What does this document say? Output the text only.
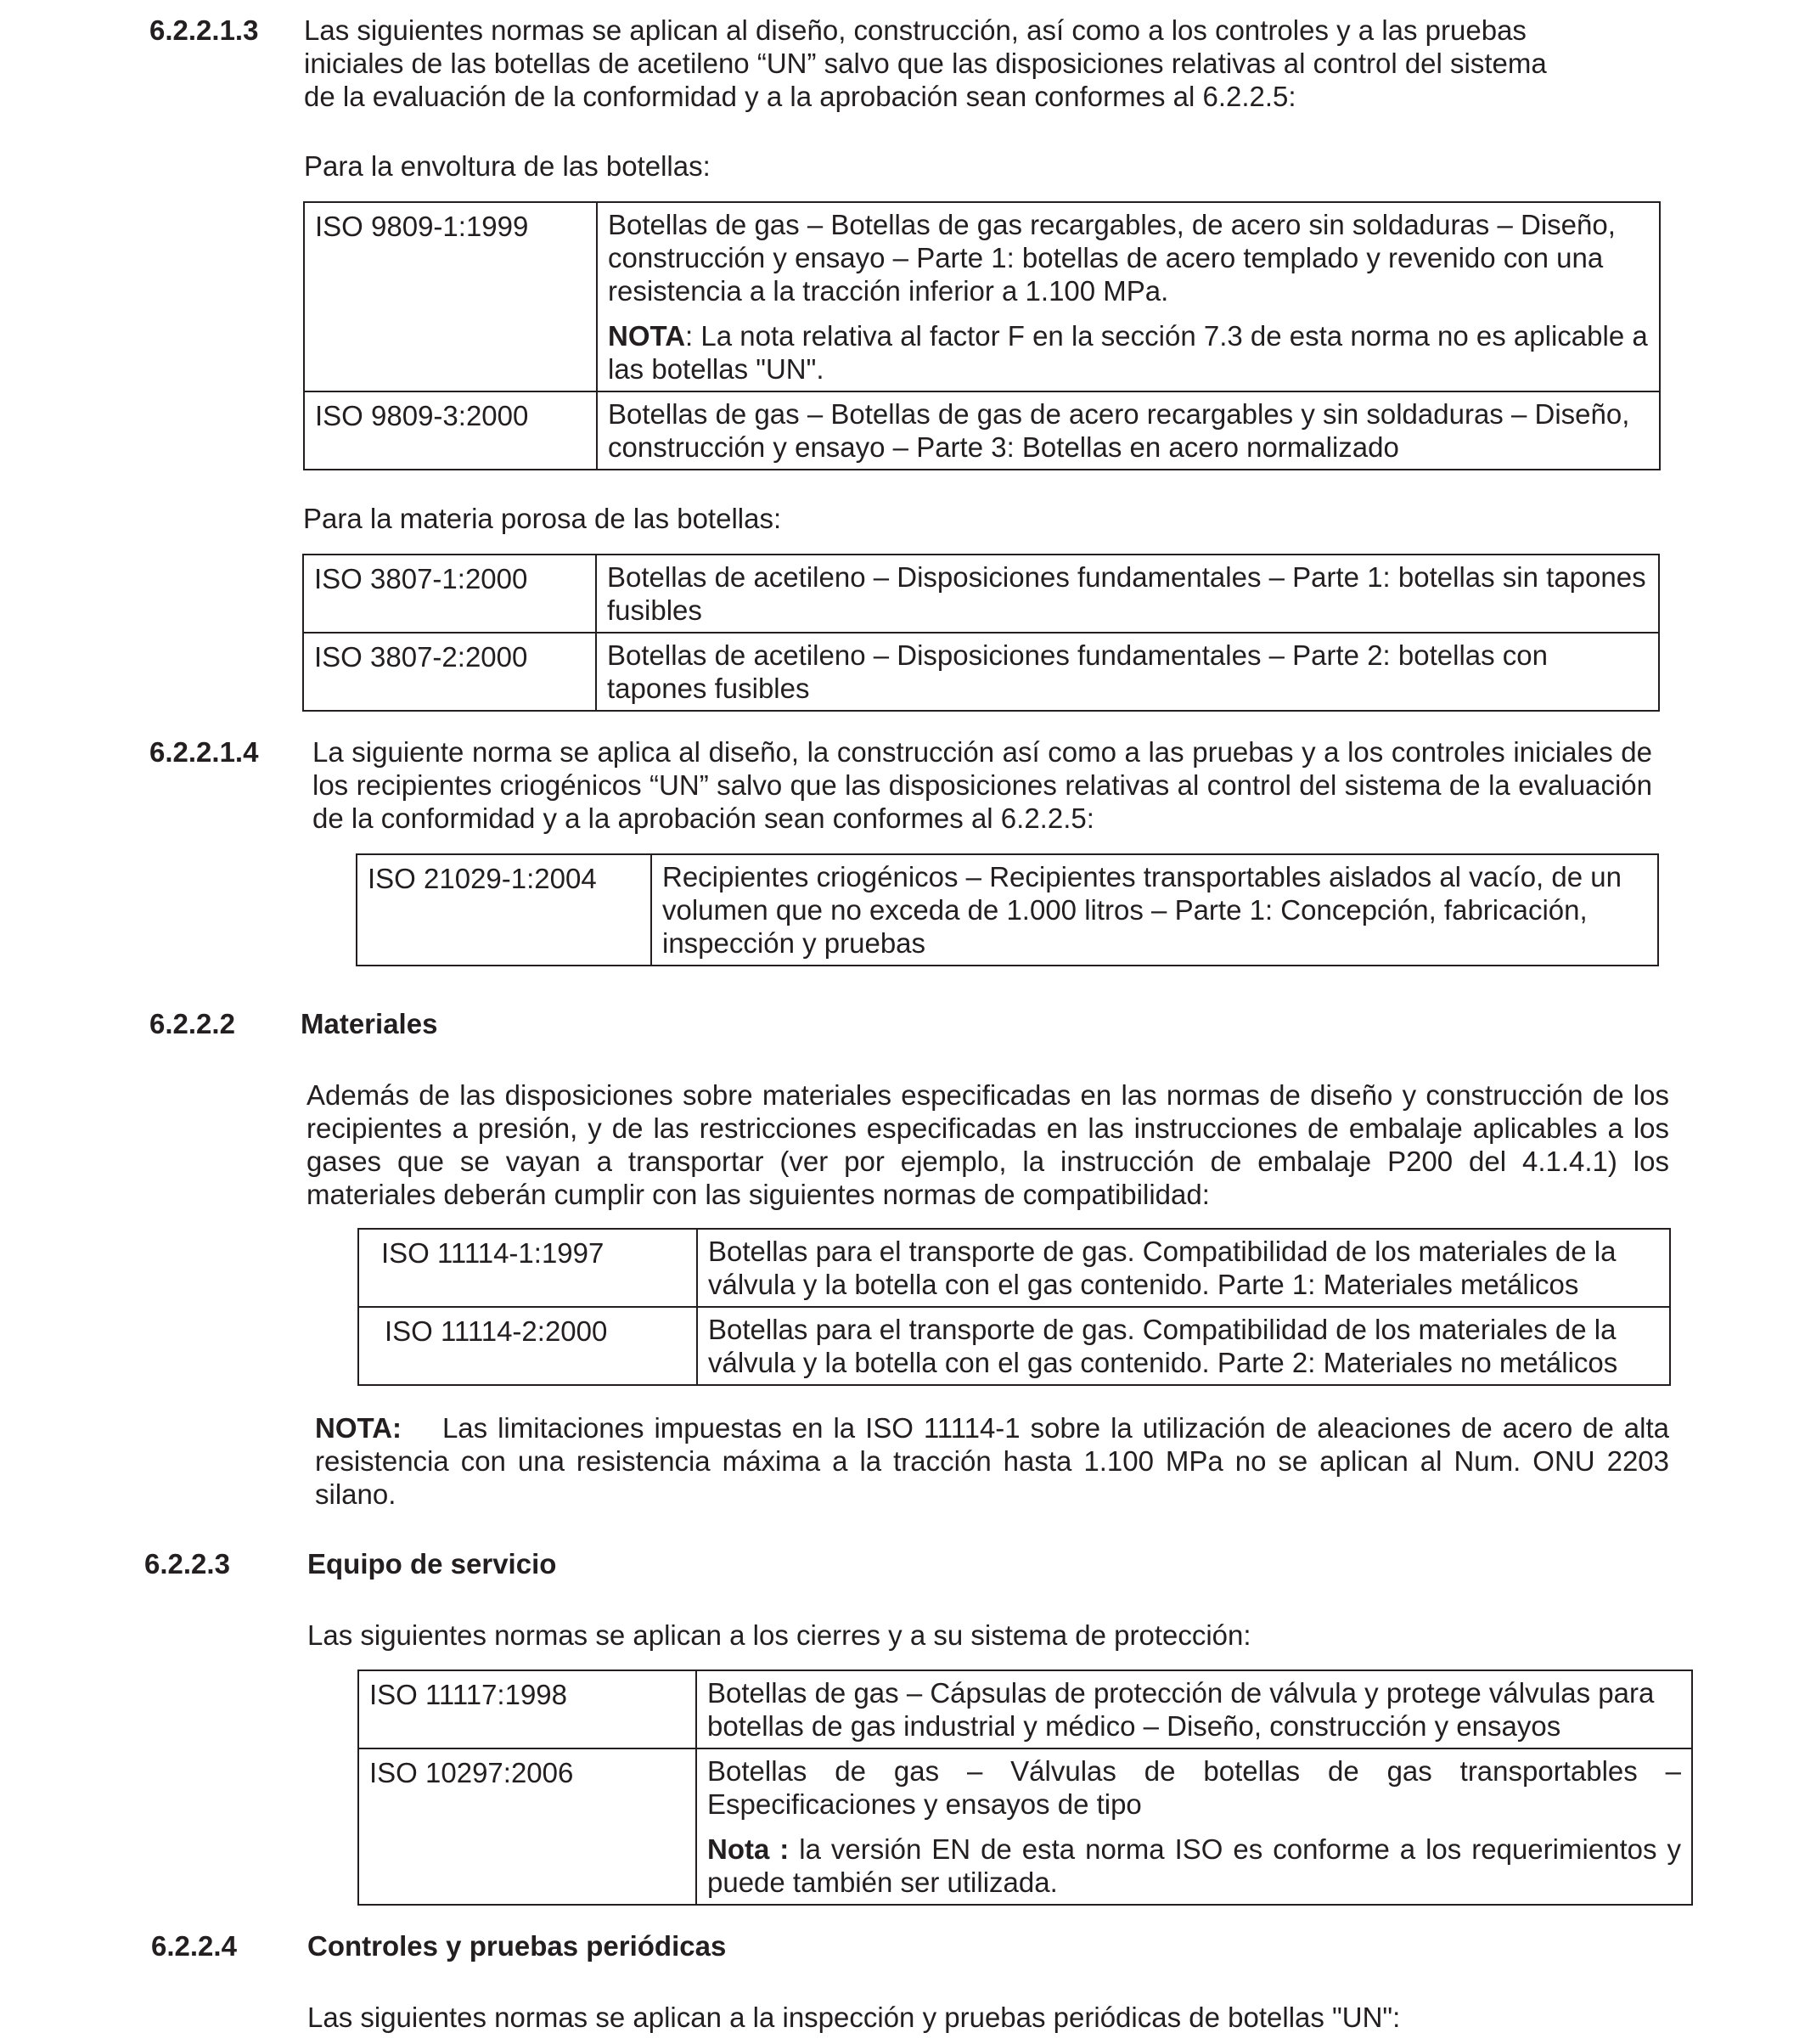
6.2.2.1.3 Las siguientes normas se aplican al diseño, construcción, así como a los controles y a las pruebas
iniciales de las botellas de acetileno “UN” salvo que las disposiciones relativas al control del sistema
de la evaluación de la conformidad y a la aprobación sean conformes al 6.2.2.5:
Para la envoltura de las botellas:
ISO 9809-1:1999	Botellas de gas – Botellas de gas recargables, de acero sin soldaduras – Diseño, construcción y ensayo – Parte 1: botellas de acero templado y revenido con una resistencia a la tracción inferior a 1.100 MPa.
NOTA: La nota relativa al factor F en la sección 7.3 de esta norma no es aplicable a las botellas "UN".

ISO 9809-3:2000	Botellas de gas – Botellas de gas de acero recargables y sin soldaduras – Diseño, construcción y ensayo – Parte 3: Botellas en acero normalizado
Para la materia porosa de las botellas:
ISO 3807-1:2000	Botellas de acetileno – Disposiciones fundamentales – Parte 1: botellas sin tapones fusibles
ISO 3807-2:2000	Botellas de acetileno – Disposiciones fundamentales – Parte 2: botellas con tapones fusibles
6.2.2.1.4 La siguiente norma se aplica al diseño, la construcción así como a las pruebas y a los controles iniciales de los recipientes criogénicos “UN” salvo que las disposiciones relativas al control del sistema de la evaluación de la conformidad y a la aprobación sean conformes al 6.2.2.5:
ISO 21029-1:2004	Recipientes criogénicos – Recipientes transportables aislados al vacío, de un volumen que no exceda de 1.000 litros – Parte 1: Concepción, fabricación, inspección y pruebas
6.2.2.2 Materiales
Además de las disposiciones sobre materiales especificadas en las normas de diseño y construcción de los recipientes a presión, y de las restricciones especificadas en las instrucciones de embalaje aplicables a los gases que se vayan a transportar (ver por ejemplo, la instrucción de embalaje P200 del 4.1.4.1) los materiales deberán cumplir con las siguientes normas de compatibilidad:
ISO 11114-1:1997	Botellas para el transporte de gas. Compatibilidad de los materiales de la válvula y la botella con el gas contenido. Parte 1: Materiales metálicos
ISO 11114-2:2000	Botellas para el transporte de gas. Compatibilidad de los materiales de la válvula y la botella con el gas contenido. Parte 2: Materiales no metálicos
NOTA: Las limitaciones impuestas en la ISO 11114-1 sobre la utilización de aleaciones de acero de alta resistencia con una resistencia máxima a la tracción hasta 1.100 MPa no se aplican al Num. ONU 2203 silano.
6.2.2.3	Equipo de servicio
Las siguientes normas se aplican a los cierres y a su sistema de protección:
ISO 11117:1998	Botellas de gas – Cápsulas de protección de válvula y protege válvulas para botellas de gas industrial y médico – Diseño, construcción y ensayos
ISO 10297:2006	Botellas de gas – Válvulas de botellas de gas transportables – Especificaciones y ensayos de tipo
Nota : la versión EN de esta norma ISO es conforme a los requerimientos y puede también ser utilizada.
6.2.2.4	Controles y pruebas periódicas
Las siguientes normas se aplican a la inspección y pruebas periódicas de botellas "UN":
